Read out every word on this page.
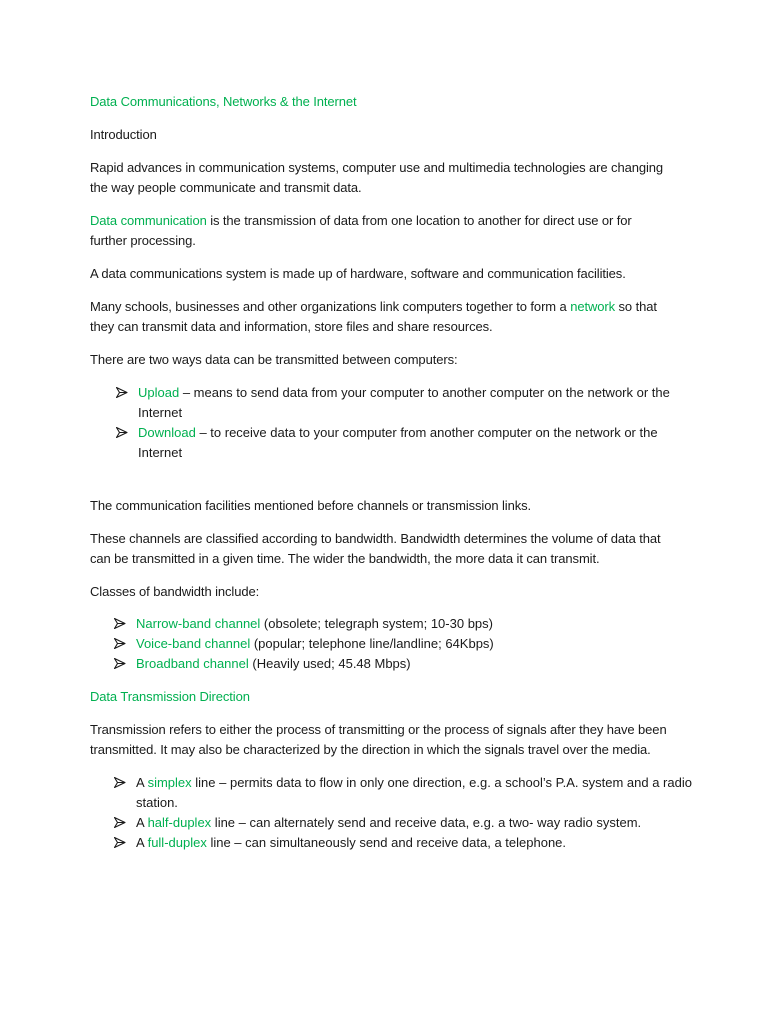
Data Communications, Networks & the Internet

Introduction

Rapid advances in communication systems, computer use and multimedia technologies are changing the way people communicate and transmit data.

Data communication is the transmission of data from one location to another for direct use or for
further processing.

A data communications system is made up of hardware, software and communication facilities.

Many schools, businesses and other organizations link computers together to form a network so that
they can transmit data and information, store files and share resources.

There are two ways data can be transmitted between computers:

Upload – means to send data from your computer to another computer on the network or the
Internet

Download – to receive data to your computer from another computer on the network or the
Internet

The communication facilities mentioned before channels or transmission links.

These channels are classified according to bandwidth. Bandwidth determines the volume of data that
can be transmitted in a given time. The wider the bandwidth, the more data it can transmit.

Classes of bandwidth include:

Narrow-band channel (obsolete; telegraph system; 10-30 bps)

Voice-band channel (popular; telephone line/landline; 64Kbps)

Broadband channel (Heavily used; 45.48 Mbps)

Data Transmission Direction

Transmission refers to either the process of transmitting or the process of signals after they have been
transmitted. It may also be characterized by the direction in which the signals travel over the media.

A simplex line – permits data to flow in only one direction, e.g. a school’s P.A. system and a radio
station.

A half-duplex line – can alternately send and receive data, e.g. a two- way radio system.

A full-duplex line – can simultaneously send and receive data, a telephone.
